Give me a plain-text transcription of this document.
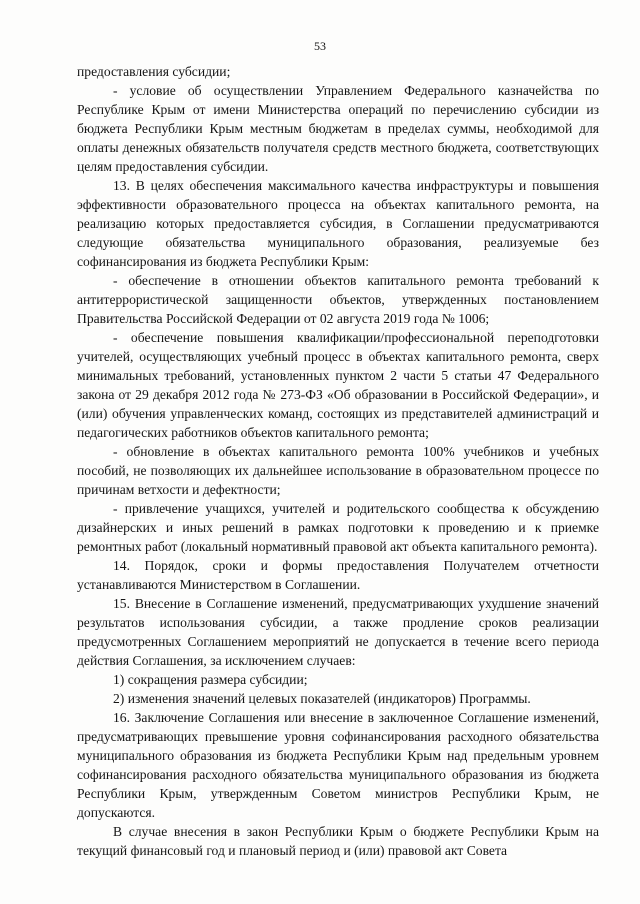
53

предоставления субсидии;

- условие об осуществлении Управлением Федерального казначейства по Республике Крым от имени Министерства операций по перечислению субсидии из бюджета Республики Крым местным бюджетам в пределах суммы, необходимой для оплаты денежных обязательств получателя средств местного бюджета, соответствующих целям предоставления субсидии.

13. В целях обеспечения максимального качества инфраструктуры и повышения эффективности образовательного процесса на объектах капитального ремонта, на реализацию которых предоставляется субсидия, в Соглашении предусматриваются следующие обязательства муниципального образования, реализуемые без софинансирования из бюджета Республики Крым:

- обеспечение в отношении объектов капитального ремонта требований к антитеррористической защищенности объектов, утвержденных постановлением Правительства Российской Федерации от 02 августа 2019 года № 1006;

- обеспечение повышения квалификации/профессиональной переподготовки учителей, осуществляющих учебный процесс в объектах капитального ремонта, сверх минимальных требований, установленных пунктом 2 части 5 статьи 47 Федерального закона от 29 декабря 2012 года № 273-ФЗ «Об образовании в Российской Федерации», и (или) обучения управленческих команд, состоящих из представителей администраций и педагогических работников объектов капитального ремонта;

- обновление в объектах капитального ремонта 100% учебников и учебных пособий, не позволяющих их дальнейшее использование в образовательном процессе по причинам ветхости и дефектности;

- привлечение учащихся, учителей и родительского сообщества к обсуждению дизайнерских и иных решений в рамках подготовки к проведению и к приемке ремонтных работ (локальный нормативный правовой акт объекта капитального ремонта).

14. Порядок, сроки и формы предоставления Получателем отчетности устанавливаются Министерством в Соглашении.

15. Внесение в Соглашение изменений, предусматривающих ухудшение значений результатов использования субсидии, а также продление сроков реализации предусмотренных Соглашением мероприятий не допускается в течение всего периода действия Соглашения, за исключением случаев:

1) сокращения размера субсидии;

2) изменения значений целевых показателей (индикаторов) Программы.

16. Заключение Соглашения или внесение в заключенное Соглашение изменений, предусматривающих превышение уровня софинансирования расходного обязательства муниципального образования из бюджета Республики Крым над предельным уровнем софинансирования расходного обязательства муниципального образования из бюджета Республики Крым, утвержденным Советом министров Республики Крым, не допускаются.

В случае внесения в закон Республики Крым о бюджете Республики Крым на текущий финансовый год и плановый период и (или) правовой акт Совета
